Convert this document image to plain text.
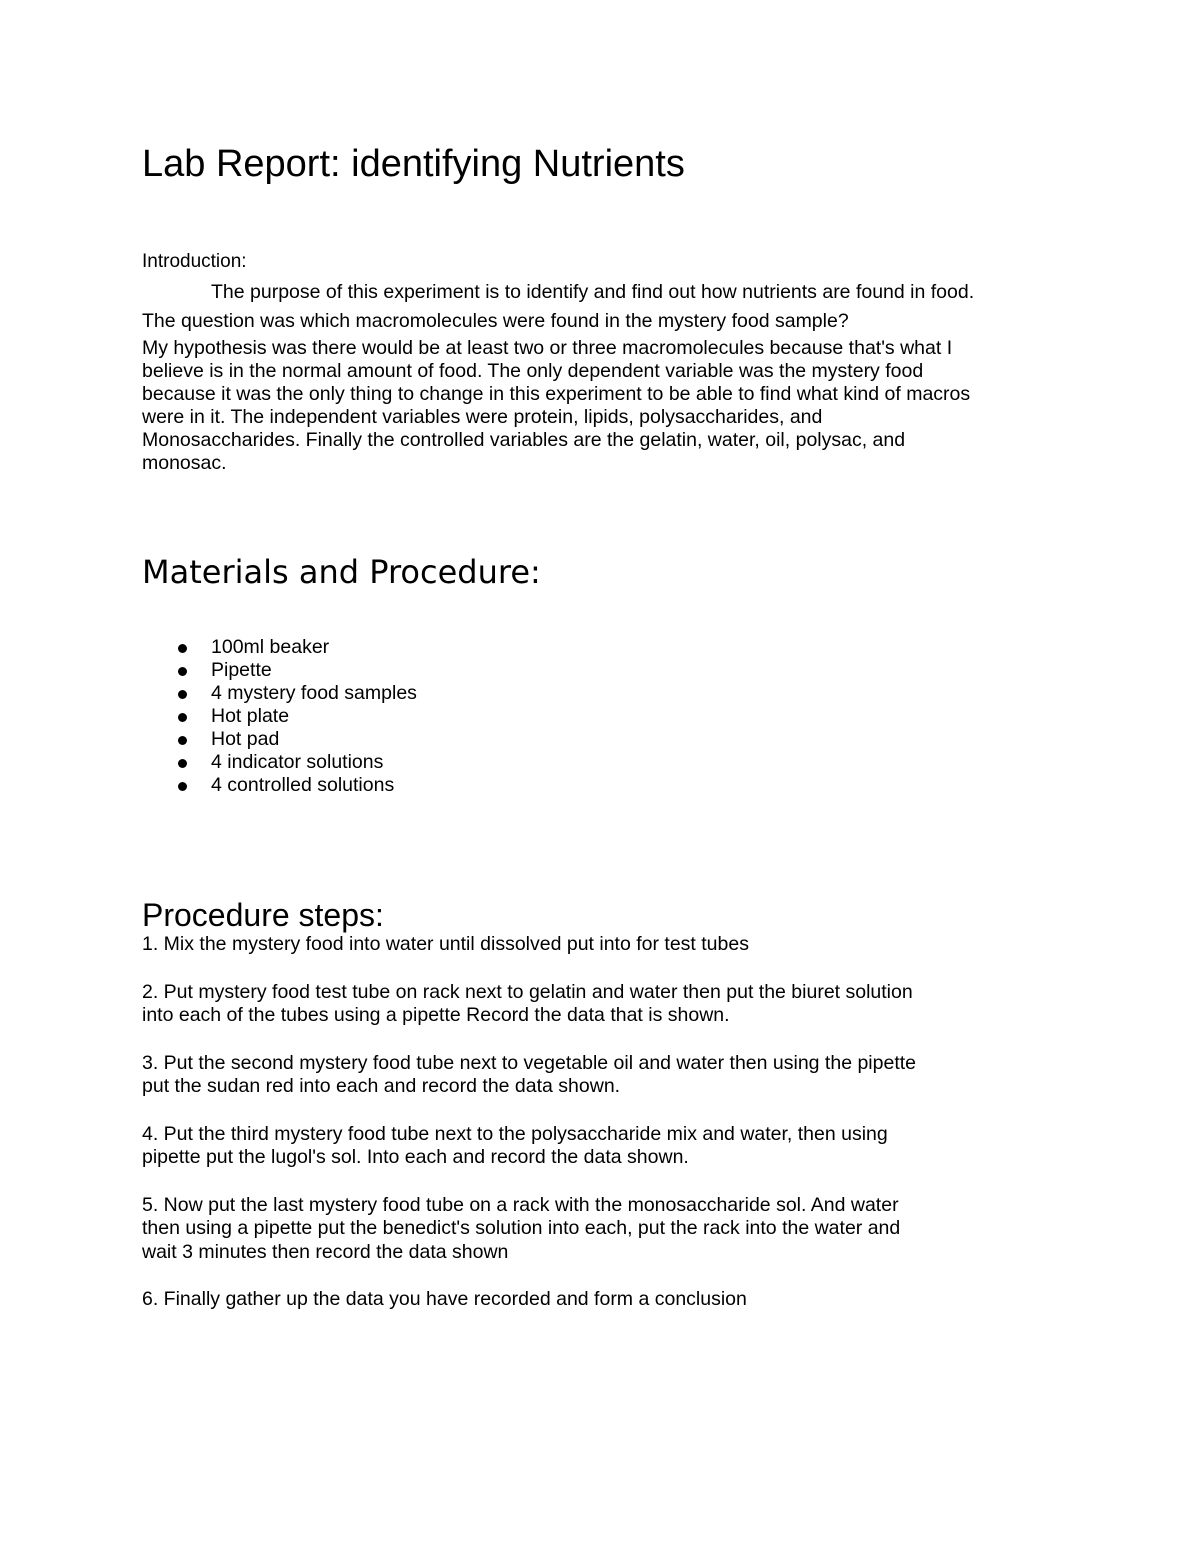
Lab Report: identifying Nutrients
Introduction:
The purpose of this experiment is to identify and find out how nutrients are found in food.
The question was which macromolecules were found in the mystery food sample?

My hypothesis was there would be at least two or three macromolecules because that's what I

believe is in the normal amount of food. The only dependent variable was the mystery food

because it was the only thing to change in this experiment to be able to find what kind of macros

were in it. The independent variables were protein, lipids, polysaccharides, and

Monosaccharides. Finally the controlled variables are the gelatin, water, oil, polysac, and

monosac.

Materials and Procedure:
100ml beaker
Pipette
4 mystery food samples
Hot plate
Hot pad
4 indicator solutions
4 controlled solutions
Procedure steps:
1. Mix the mystery food into water until dissolved put into for test tubes
2. Put mystery food test tube on rack next to gelatin and water then put the biuret solution
into each of the tubes using a pipette Record the data that is shown.
3. Put the second mystery food tube next to vegetable oil and water then using the pipette
put the sudan red into each and record the data shown.
4. Put the third mystery food tube next to the polysaccharide mix and water, then using
pipette put the lugol's sol. Into each and record the data shown.
5. Now put the last mystery food tube on a rack with the monosaccharide sol. And water
then using a pipette put the benedict's solution into each, put the rack into the water and
wait 3 minutes then record the data shown
6. Finally gather up the data you have recorded and form a conclusion
